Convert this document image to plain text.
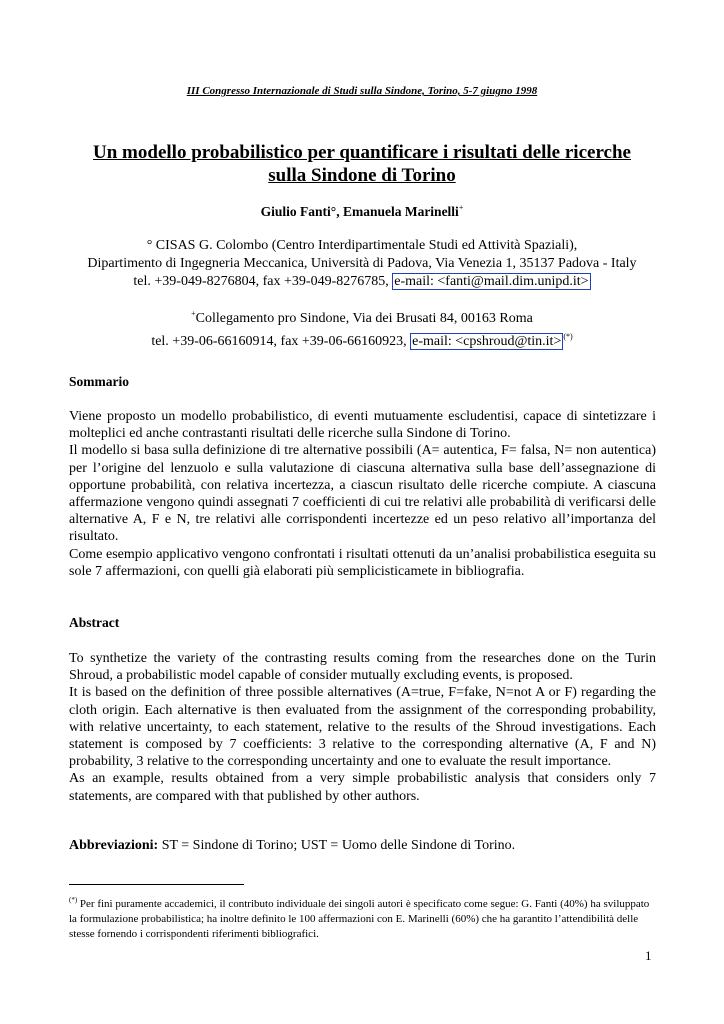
III Congresso Internazionale di Studi sulla Sindone, Torino, 5-7 giugno 1998
Un modello probabilistico per quantificare i risultati delle ricerche
sulla Sindone di Torino
Giulio Fanti°, Emanuela Marinelli+
° CISAS G. Colombo (Centro Interdipartimentale Studi ed Attività Spaziali),
Dipartimento di Ingegneria Meccanica, Università di Padova, Via Venezia 1, 35137 Padova - Italy
tel. +39-049-8276804, fax +39-049-8276785, e-mail: <fanti@mail.dim.unipd.it>
+Collegamento pro Sindone, Via dei Brusati 84, 00163 Roma
tel. +39-06-66160914, fax +39-06-66160923, e-mail: <cpshroud@tin.it> (*)
Sommario

Viene proposto un modello probabilistico, di eventi mutuamente escludentisi, capace di sintetizzare i molteplici ed anche contrastanti risultati delle ricerche sulla Sindone di Torino.

Il modello si basa sulla definizione di tre alternative possibili (A= autentica, F= falsa, N= non autentica) per l’origine del lenzuolo e sulla valutazione di ciascuna alternativa sulla base dell’assegnazione di opportune probabilità, con relativa incertezza, a ciascun risultato delle ricerche compiute. A ciascuna affermazione vengono quindi assegnati 7 coefficienti di cui tre relativi alle probabilità di verificarsi delle alternative A, F e N, tre relativi alle corrispondenti incertezze ed un peso relativo all’importanza del risultato.

Come esempio applicativo vengono confrontati i risultati ottenuti da un’analisi probabilistica eseguita su sole 7 affermazioni, con quelli già elaborati più semplicisticamete in bibliografia.

Abstract

To synthetize the variety of the contrasting results coming from the researches done on the Turin Shroud, a probabilistic model capable of consider mutually excluding events, is proposed.

It is based on the definition of three possible alternatives (A=true, F=fake, N=not A or F) regarding the cloth origin. Each alternative is then evaluated from the assignment of the corresponding probability, with relative uncertainty, to each statement, relative to the results of the Shroud investigations. Each statement is composed by 7 coefficients: 3 relative to the corresponding alternative (A, F and N) probability, 3 relative to the corresponding uncertainty and one to evaluate the result importance.

As an example, results obtained from a very simple probabilistic analysis that considers only 7 statements, are compared with that published by other authors.

Abbreviazioni: ST = Sindone di Torino; UST = Uomo delle Sindone di Torino.
(*) Per fini puramente accademici, il contributo individuale dei singoli autori è specificato come segue: G. Fanti (40%) ha sviluppato la formulazione probabilistica; ha inoltre definito le 100 affermazioni con E. Marinelli (60%) che ha garantito l’attendibilità delle stesse fornendo i corrispondenti riferimenti bibliografici.
1
